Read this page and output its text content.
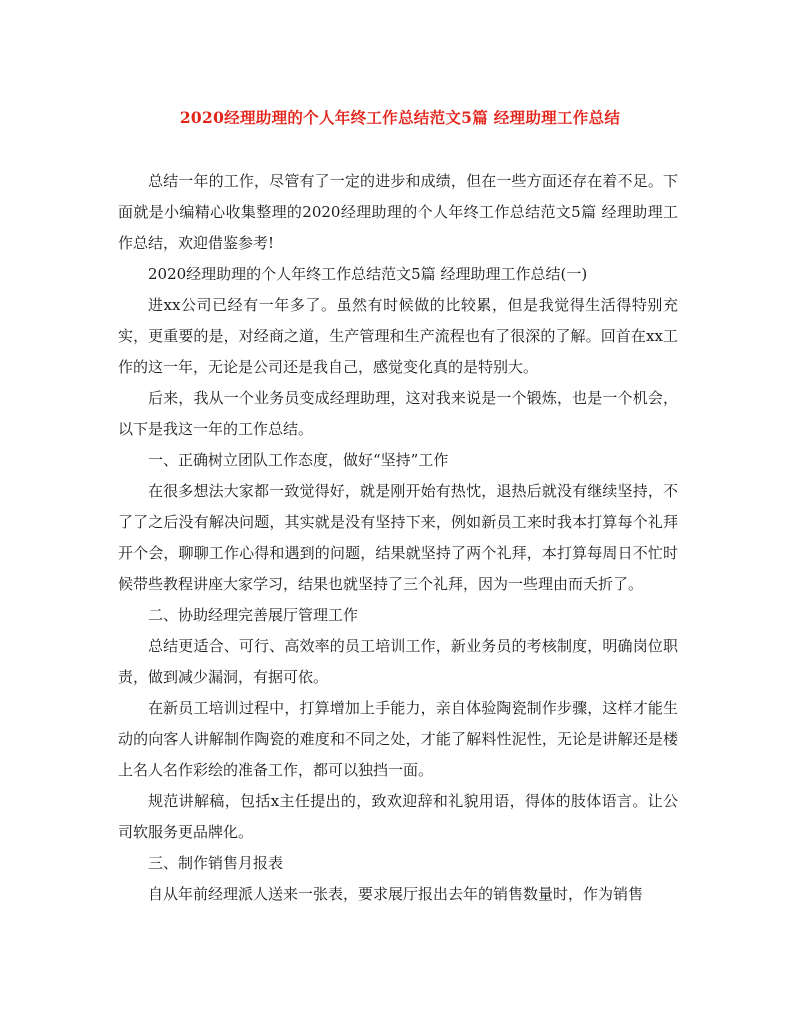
2020经理助理的个人年终工作总结范文5篇 经理助理工作总结

总结一年的工作，尽管有了一定的进步和成绩，但在一些方面还存在着不足。下面就是小编精心收集整理的2020经理助理的个人年终工作总结范文5篇 经理助理工作总结，欢迎借鉴参考!

2020经理助理的个人年终工作总结范文5篇 经理助理工作总结(一)

进xx公司已经有一年多了。虽然有时候做的比较累，但是我觉得生活得特别充实，更重要的是，对经商之道，生产管理和生产流程也有了很深的了解。回首在xx工作的这一年，无论是公司还是我自己，感觉变化真的是特别大。

后来，我从一个业务员变成经理助理，这对我来说是一个锻炼，也是一个机会，以下是我这一年的工作总结。

一、正确树立团队工作态度，做好“坚持”工作

在很多想法大家都一致觉得好，就是刚开始有热忱，退热后就没有继续坚持，不了了之后没有解决问题，其实就是没有坚持下来，例如新员工来时我本打算每个礼拜开个会，聊聊工作心得和遇到的问题，结果就坚持了两个礼拜，本打算每周日不忙时候带些教程讲座大家学习，结果也就坚持了三个礼拜，因为一些理由而夭折了。

二、协助经理完善展厅管理工作

总结更适合、可行、高效率的员工培训工作，新业务员的考核制度，明确岗位职责，做到减少漏洞，有据可依。

在新员工培训过程中，打算增加上手能力，亲自体验陶瓷制作步骤，这样才能生动的向客人讲解制作陶瓷的难度和不同之处，才能了解料性泥性，无论是讲解还是楼上名人名作彩绘的准备工作，都可以独挡一面。

规范讲解稿，包括x主任提出的，致欢迎辞和礼貌用语，得体的肢体语言。让公司软服务更品牌化。

三、制作销售月报表

自从年前经理派人送来一张表，要求展厅报出去年的销售数量时，作为销售
